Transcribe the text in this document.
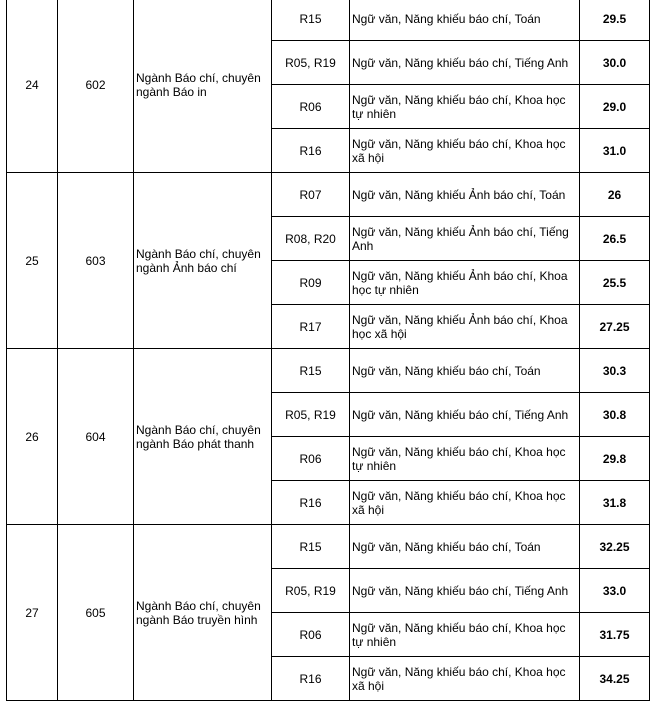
24	602	Ngành Báo chí, chuyên ngành Báo in	R15	Ngữ văn, Năng khiếu báo chí, Toán	29.5
			R05, R19	Ngữ văn, Năng khiếu báo chí, Tiếng Anh	30.0
			R06	Ngữ văn, Năng khiếu báo chí, Khoa học tự nhiên	29.0
			R16	Ngữ văn, Năng khiếu báo chí, Khoa học xã hội	31.0
25	603	Ngành Báo chí, chuyên ngành Ảnh báo chí	R07	Ngữ văn, Năng khiếu Ảnh báo chí, Toán	26
			R08, R20	Ngữ văn, Năng khiếu Ảnh báo chí, Tiếng Anh	26.5
			R09	Ngữ văn, Năng khiếu Ảnh báo chí, Khoa học tự nhiên	25.5
			R17	Ngữ văn, Năng khiếu Ảnh báo chí, Khoa học xã hội	27.25
26	604	Ngành Báo chí, chuyên ngành Báo phát thanh	R15	Ngữ văn, Năng khiếu báo chí, Toán	30.3
			R05, R19	Ngữ văn, Năng khiếu báo chí, Tiếng Anh	30.8
			R06	Ngữ văn, Năng khiếu báo chí, Khoa học tự nhiên	29.8
			R16	Ngữ văn, Năng khiếu báo chí, Khoa học xã hội	31.8
27	605	Ngành Báo chí, chuyên ngành Báo truyền hình	R15	Ngữ văn, Năng khiếu báo chí, Toán	32.25
			R05, R19	Ngữ văn, Năng khiếu báo chí, Tiếng Anh	33.0
			R06	Ngữ văn, Năng khiếu báo chí, Khoa học tự nhiên	31.75
			R16	Ngữ văn, Năng khiếu báo chí, Khoa học xã hội	34.25
